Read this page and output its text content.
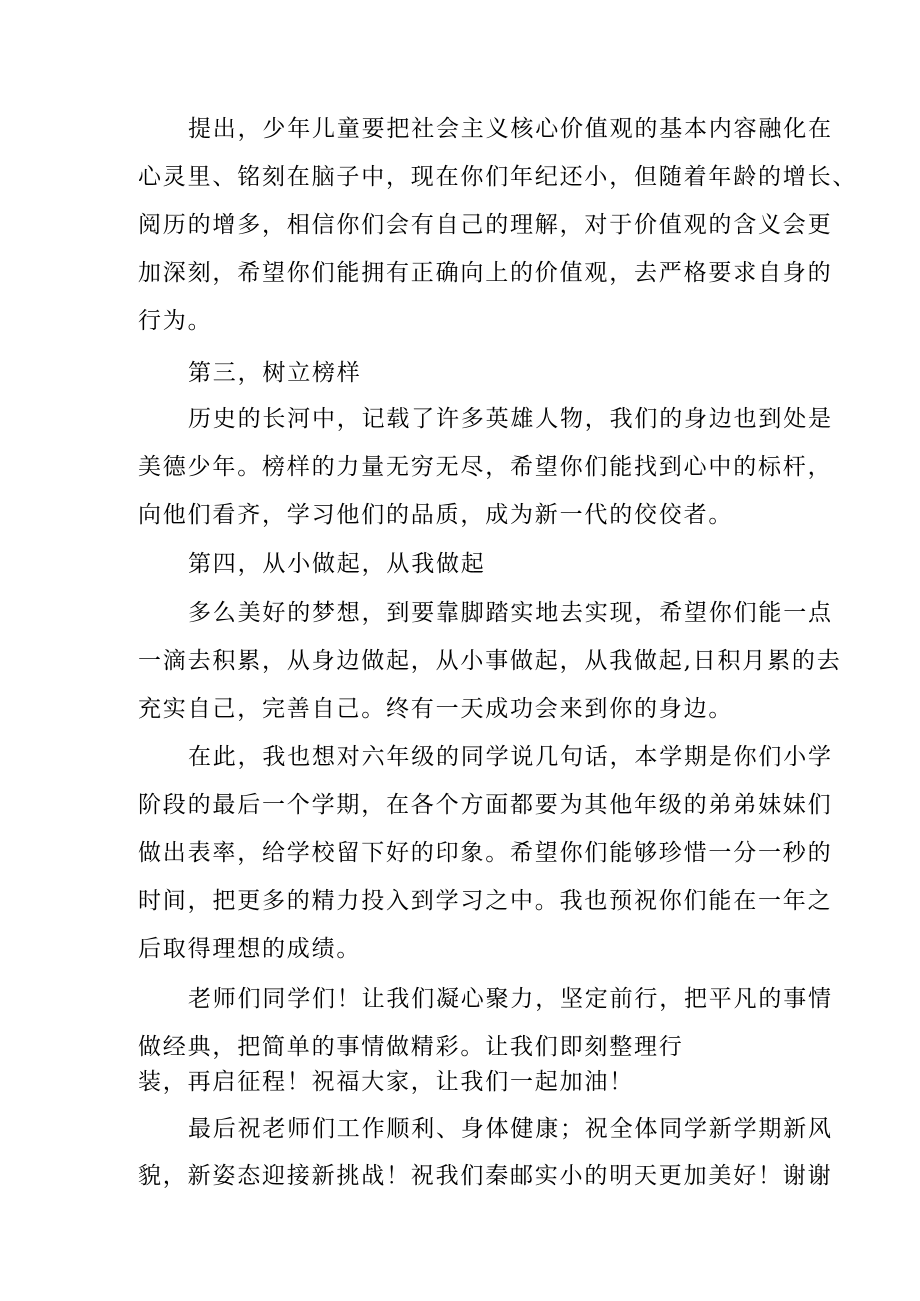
提出，少年儿童要把社会主义核心价值观的基本内容融化在
心灵里、铭刻在脑子中，现在你们年纪还小，但随着年龄的增长、
阅历的增多，相信你们会有自己的理解，对于价值观的含义会更
加深刻，希望你们能拥有正确向上的价值观，去严格要求自身的
行为。
第三，树立榜样
历史的长河中，记载了许多英雄人物，我们的身边也到处是
美德少年。榜样的力量无穷无尽，希望你们能找到心中的标杆，
向他们看齐，学习他们的品质，成为新一代的佼佼者。
第四，从小做起，从我做起
多么美好的梦想，到要靠脚踏实地去实现，希望你们能一点
一滴去积累，从身边做起，从小事做起，从我做起,日积月累的去
充实自己，完善自己。终有一天成功会来到你的身边。
在此，我也想对六年级的同学说几句话，本学期是你们小学
阶段的最后一个学期，在各个方面都要为其他年级的弟弟妹妹们
做出表率，给学校留下好的印象。希望你们能够珍惜一分一秒的
时间，把更多的精力投入到学习之中。我也预祝你们能在一年之
后取得理想的成绩。
老师们同学们！让我们凝心聚力，坚定前行，把平凡的事情
做经典，把简单的事情做精彩。让我们即刻整理行
装，再启征程！祝福大家，让我们一起加油！
最后祝老师们工作顺利、身体健康；祝全体同学新学期新风
貌，新姿态迎接新挑战！祝我们秦邮实小的明天更加美好！谢谢
